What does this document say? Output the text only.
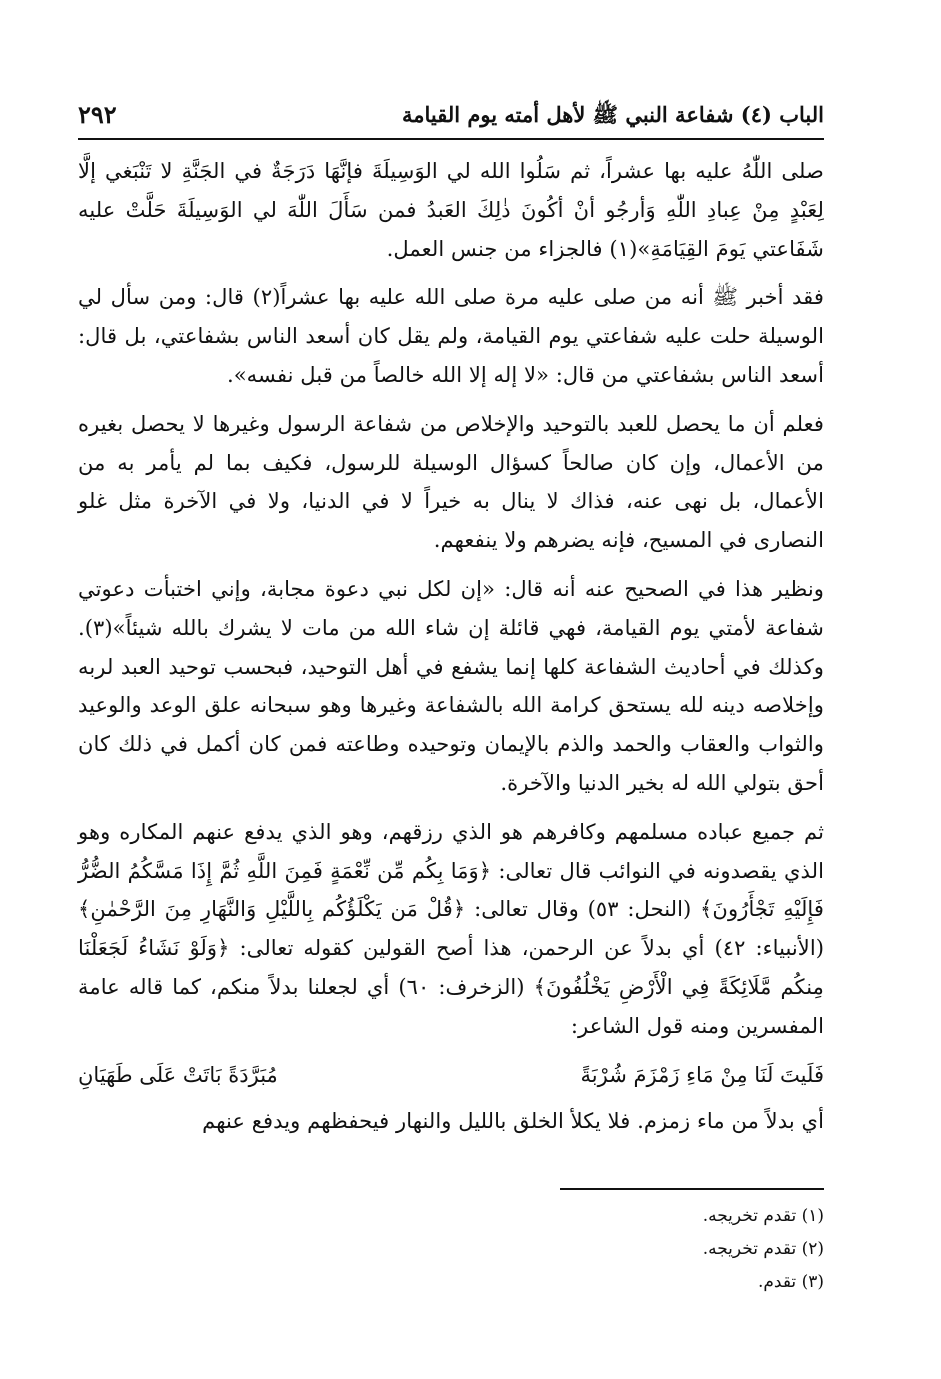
الباب (٤) شفاعة النبي ﷺ لأهل أمته يوم القيامة
٢٩٢

صلى اللّٰهُ عليه بها عشراً، ثم سَلُوا الله لي الوَسِيلَةَ فإنَّهَا دَرَجَةٌ في الجَنَّةِ لا تَنْبَغي إلَّا لِعَبْدٍ مِنْ عِبادِ اللّٰهِ وَأرجُو أنْ أكُونَ ذٰلِكَ العَبدُ فمن سَأَلَ اللّٰهَ لي الوَسِيلَةَ حَلَّتْ عليه شَفَاعتي يَومَ القِيَامَةِ»(١) فالجزاء من جنس العمل.

فقد أخبر ﷺ أنه من صلى عليه مرة صلى الله عليه بها عشراً(٢) قال: ومن سأل لي الوسيلة حلت عليه شفاعتي يوم القيامة، ولم يقل كان أسعد الناس بشفاعتي، بل قال: أسعد الناس بشفاعتي من قال: «لا إله إلا الله خالصاً من قبل نفسه».

فعلم أن ما يحصل للعبد بالتوحيد والإخلاص من شفاعة الرسول وغيرها لا يحصل بغيره من الأعمال، وإن كان صالحاً كسؤال الوسيلة للرسول، فكيف بما لم يأمر به من الأعمال، بل نهى عنه، فذاك لا ينال به خيراً لا في الدنيا، ولا في الآخرة مثل غلو النصارى في المسيح، فإنه يضرهم ولا ينفعهم.

ونظير هذا في الصحيح عنه أنه قال: «إن لكل نبي دعوة مجابة، وإني اختبأت دعوتي شفاعة لأمتي يوم القيامة، فهي قائلة إن شاء الله من مات لا يشرك بالله شيئاً»(٣). وكذلك في أحاديث الشفاعة كلها إنما يشفع في أهل التوحيد، فبحسب توحيد العبد لربه وإخلاصه دينه لله يستحق كرامة الله بالشفاعة وغيرها وهو سبحانه علق الوعد والوعيد والثواب والعقاب والحمد والذم بالإيمان وتوحيده وطاعته فمن كان أكمل في ذلك كان أحق بتولي الله له بخير الدنيا والآخرة.

ثم جميع عباده مسلمهم وكافرهم هو الذي رزقهم، وهو الذي يدفع عنهم المكاره وهو الذي يقصدونه في النوائب قال تعالى: ﴿وَمَا بِكُم مِّن نِّعْمَةٍ فَمِنَ اللَّهِ ثُمَّ إِذَا مَسَّكُمُ الضُّرُّ فَإِلَيْهِ تَجْأَرُونَ﴾ (النحل: ٥٣) وقال تعالى: ﴿قُلْ مَن يَكْلَؤُكُم بِاللَّيْلِ وَالنَّهَارِ مِنَ الرَّحْمٰنِ﴾ (الأنبياء: ٤٢) أي بدلاً عن الرحمن، هذا أصح القولين كقوله تعالى: ﴿وَلَوْ نَشَاءُ لَجَعَلْنَا مِنكُم مَّلَائِكَةً فِي الْأَرْضِ يَخْلُفُونَ﴾ (الزخرف: ٦٠) أي لجعلنا بدلاً منكم، كما قاله عامة المفسرين ومنه قول الشاعر:

فَلَيتَ لَنَا مِنْ مَاءِ زَمْزَمَ شُرْبَةً
مُبَرَّدَةً بَاتَتْ عَلَى طَهَيَانِ

أي بدلاً من ماء زمزم. فلا يكلأ الخلق بالليل والنهار فيحفظهم ويدفع عنهم

(١) تقدم تخريجه.
(٢) تقدم تخريجه.
(٣) تقدم.
